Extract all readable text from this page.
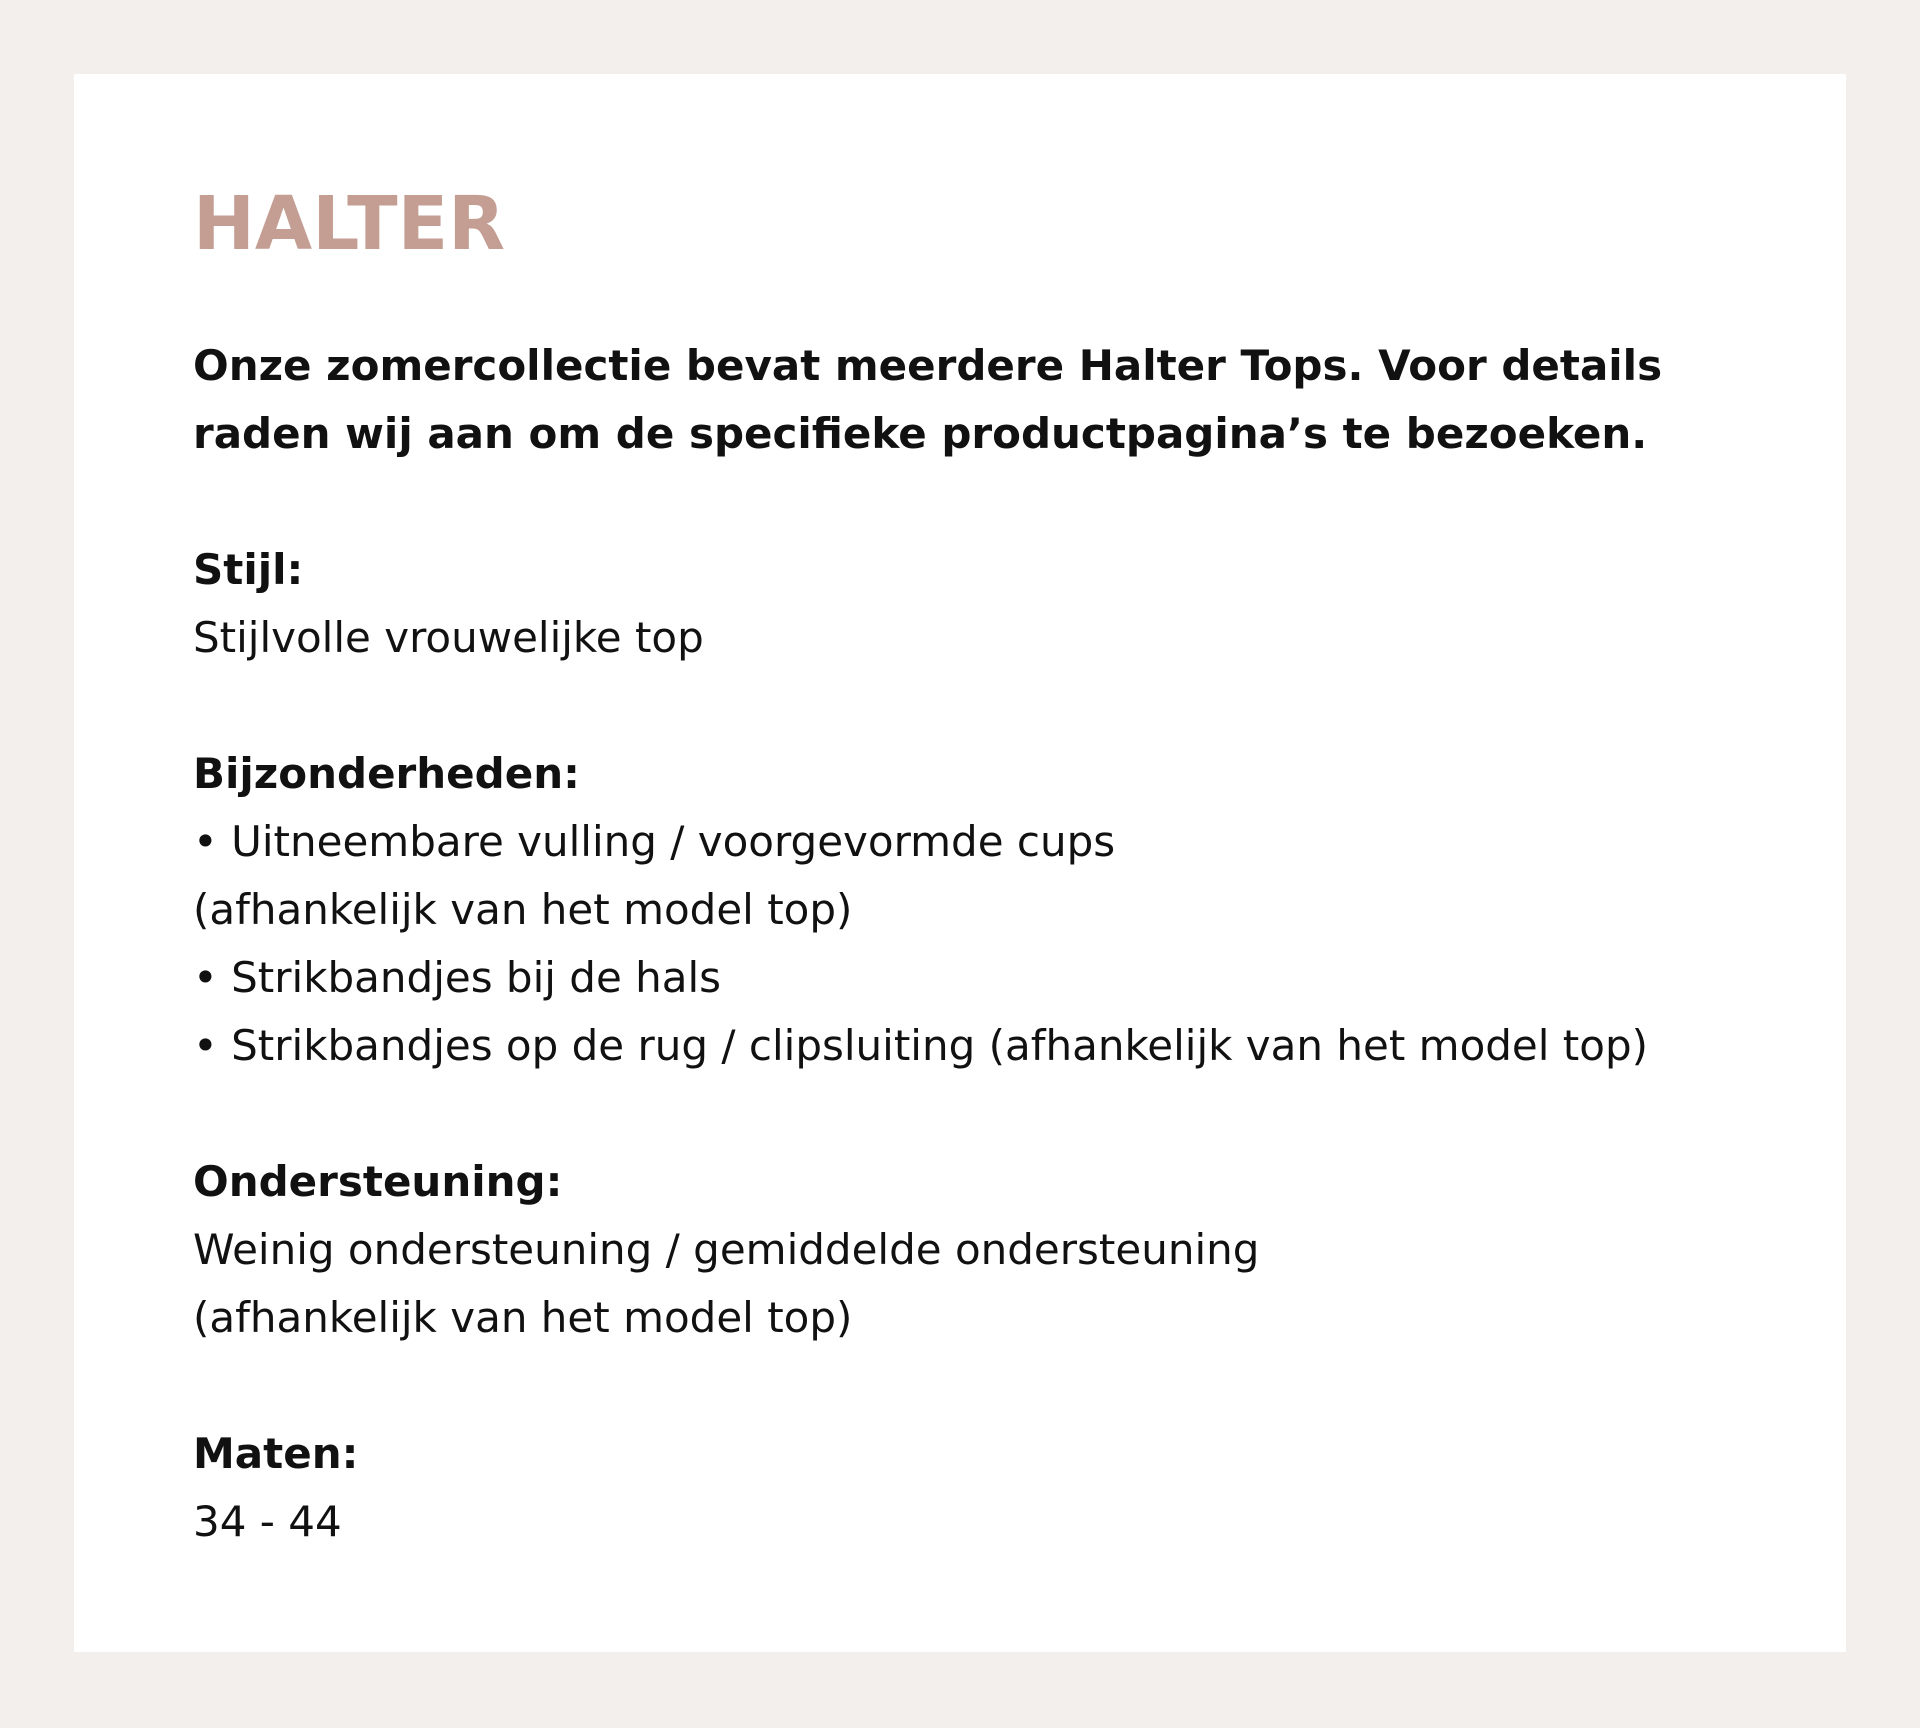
HALTER

Onze zomercollectie bevat meerdere Halter Tops. Voor details raden wij aan om de specifieke productpagina’s te bezoeken.

Stijl:
Stijlvolle vrouwelijke top
Bijzonderheden:
• Uitneembare vulling / voorgevormde cups
(afhankelijk van het model top)
• Strikbandjes bij de hals
• Strikbandjes op de rug / clipsluiting (afhankelijk van het model top)
Ondersteuning:
Weinig ondersteuning / gemiddelde ondersteuning
(afhankelijk van het model top)
Maten:
34 - 44
